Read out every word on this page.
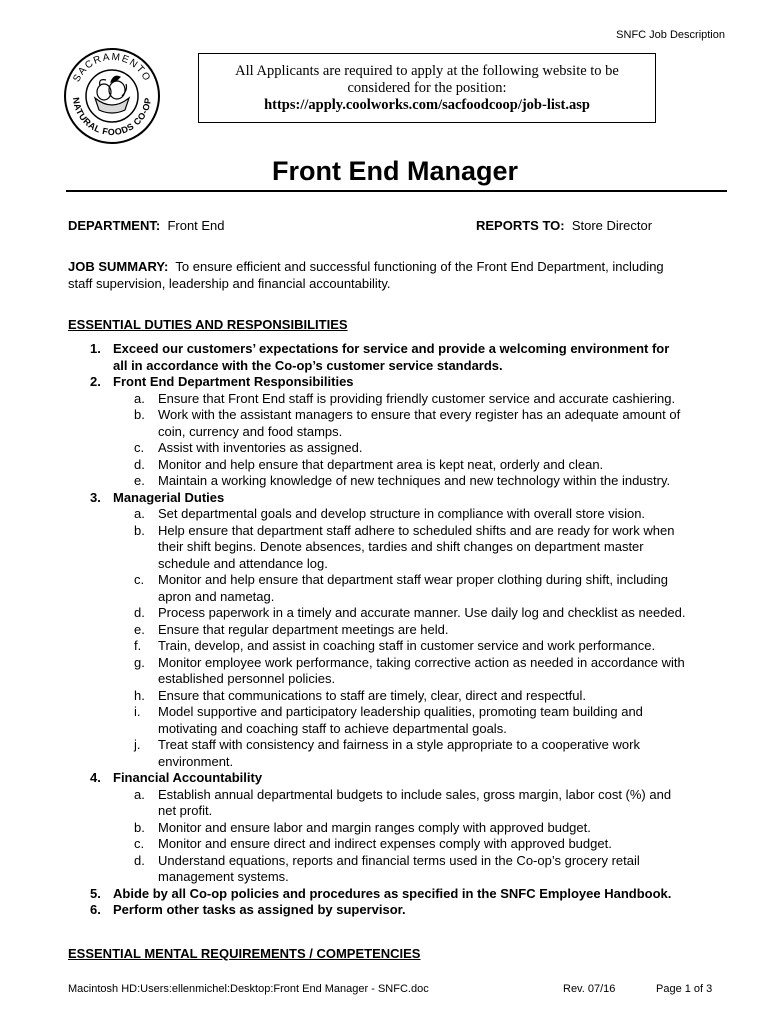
SNFC Job Description
SACRAMENTO
NATURAL FOODS CO-OP
All Applicants are required to apply at the following website to be
considered for the position:
https://apply.coolworks.com/sacfoodcoop/job-list.asp
Front End Manager
DEPARTMENT: Front End	REPORTS TO: Store Director
JOB SUMMARY: To ensure efficient and successful functioning of the Front End Department, including
staff supervision, leadership and financial accountability.
ESSENTIAL DUTIES AND RESPONSIBILITIES
1. Exceed our customers’ expectations for service and provide a welcoming environment for
all in accordance with the Co-op’s customer service standards.
2. Front End Department Responsibilities
a.	Ensure that Front End staff is providing friendly customer service and accurate cashiering.
b.	Work with the assistant managers to ensure that every register has an adequate amount of
coin, currency and food stamps.
c.	Assist with inventories as assigned.
d.	Monitor and help ensure that department area is kept neat, orderly and clean.
e.	Maintain a working knowledge of new techniques and new technology within the industry.
3. Managerial Duties
a.	Set departmental goals and develop structure in compliance with overall store vision.
b.	Help ensure that department staff adhere to scheduled shifts and are ready for work when
their shift begins. Denote absences, tardies and shift changes on department master
schedule and attendance log.
c.	Monitor and help ensure that department staff wear proper clothing during shift, including
apron and nametag.
d.	Process paperwork in a timely and accurate manner. Use daily log and checklist as needed.
e.	Ensure that regular department meetings are held.
f.	Train, develop, and assist in coaching staff in customer service and work performance.
g.	Monitor employee work performance, taking corrective action as needed in accordance with
established personnel policies.
h.	Ensure that communications to staff are timely, clear, direct and respectful.
i.	Model supportive and participatory leadership qualities, promoting team building and
motivating and coaching staff to achieve departmental goals.
j.	Treat staff with consistency and fairness in a style appropriate to a cooperative work
environment.
4. Financial Accountability
a.	Establish annual departmental budgets to include sales, gross margin, labor cost (%) and
net profit.
b.	Monitor and ensure labor and margin ranges comply with approved budget.
c.	Monitor and ensure direct and indirect expenses comply with approved budget.
d.	Understand equations, reports and financial terms used in the Co-op’s grocery retail
management systems.
5. Abide by all Co-op policies and procedures as specified in the SNFC Employee Handbook.
6. Perform other tasks as assigned by supervisor.
ESSENTIAL MENTAL REQUIREMENTS / COMPETENCIES
Macintosh HD:Users:ellenmichel:Desktop:Front End Manager - SNFC.doc	Rev. 07/16	Page 1 of 3
